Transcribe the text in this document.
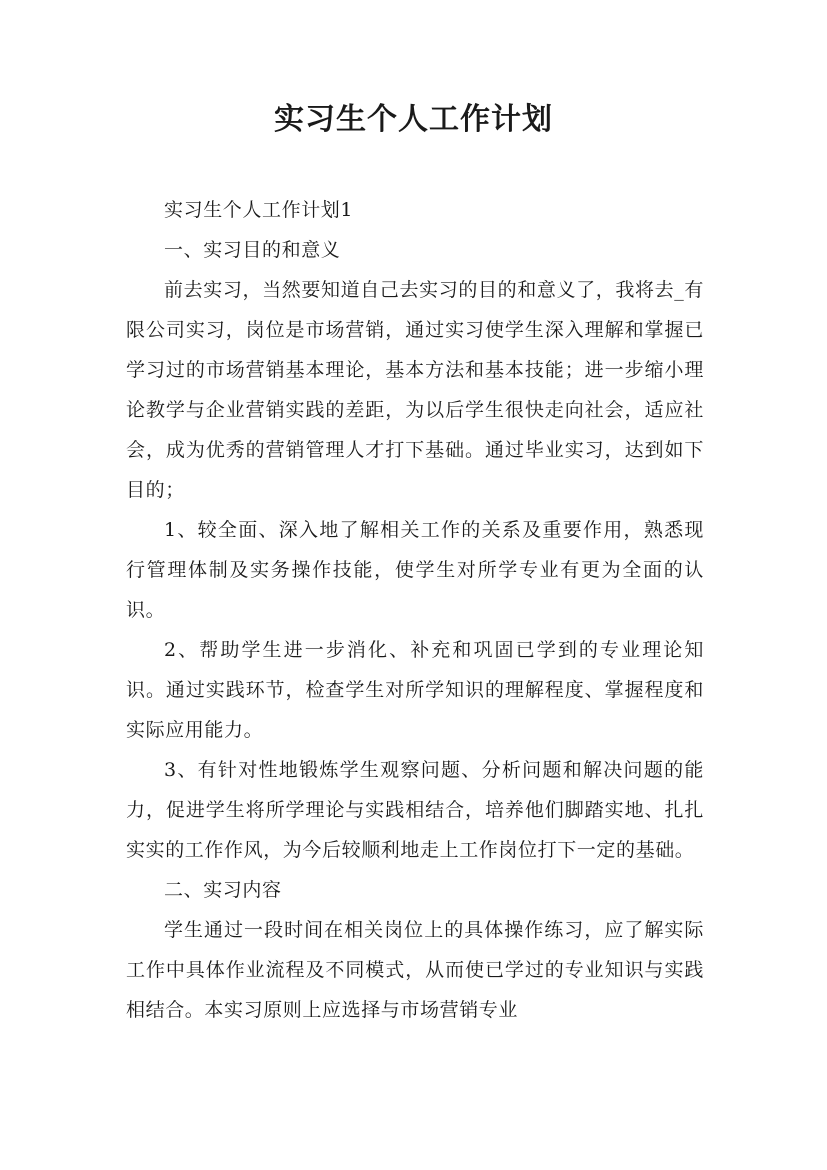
实习生个人工作计划

实习生个人工作计划1

一、实习目的和意义

前去实习，当然要知道自己去实习的目的和意义了，我将去_有限公司实习，岗位是市场营销，通过实习使学生深入理解和掌握已学习过的市场营销基本理论，基本方法和基本技能；进一步缩小理论教学与企业营销实践的差距，为以后学生很快走向社会，适应社会，成为优秀的营销管理人才打下基础。通过毕业实习，达到如下目的；

1、较全面、深入地了解相关工作的关系及重要作用，熟悉现行管理体制及实务操作技能，使学生对所学专业有更为全面的认识。

2、帮助学生进一步消化、补充和巩固已学到的专业理论知识。通过实践环节，检查学生对所学知识的理解程度、掌握程度和实际应用能力。

3、有针对性地锻炼学生观察问题、分析问题和解决问题的能力，促进学生将所学理论与实践相结合，培养他们脚踏实地、扎扎实实的工作作风，为今后较顺利地走上工作岗位打下一定的基础。

二、实习内容

学生通过一段时间在相关岗位上的具体操作练习，应了解实际工作中具体作业流程及不同模式，从而使已学过的专业知识与实践相结合。本实习原则上应选择与市场营销专业
